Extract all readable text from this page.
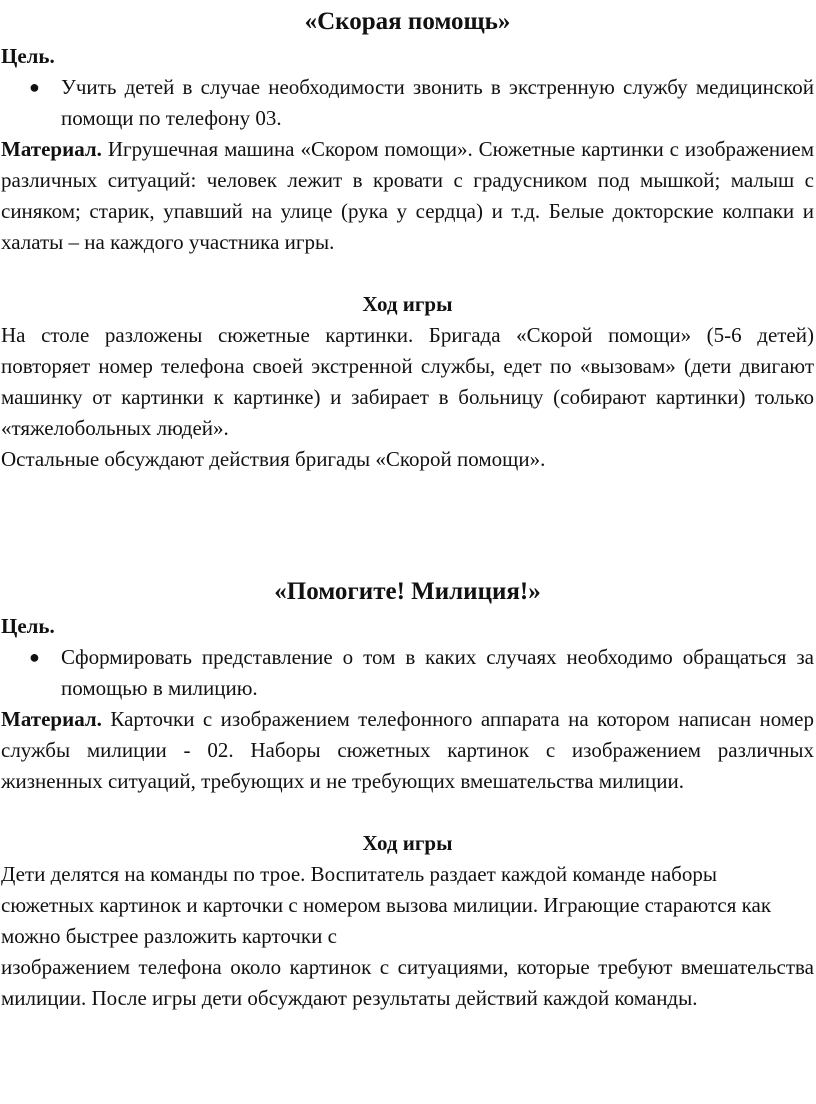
«Скорая помощь»
Цель.
● Учить детей в случае необходимости звонить в экстренную службу медицинской помощи по телефону 03.

Материал. Игрушечная машина «Скором помощи». Сюжетные картинки с изображением различных ситуаций: человек лежит в кровати с градусником под мышкой; малыш с синяком; старик, упавший на улице (рука у сердца) и т.д. Белые докторские колпаки и халаты – на каждого участника игры.

Ход игры

На столе разложены сюжетные картинки. Бригада «Скорой помощи» (5-6 детей) повторяет номер телефона своей экстренной службы, едет по «вызовам» (дети двигают машинку от картинки к картинке) и забирает в больницу (собирают картинки) только «тяжелобольных людей».

Остальные обсуждают действия бригады «Скорой помощи».

«Помогите! Милиция!»
Цель.
● Сформировать представление о том в каких случаях необходимо обращаться за помощью в милицию.

Материал. Карточки с изображением телефонного аппарата на котором написан номер службы милиции - 02. Наборы сюжетных картинок с изображением различных жизненных ситуаций, требующих и не требующих вмешательства милиции.

Ход игры

Дети делятся на команды по трое. Воспитатель раздает каждой команде наборы сюжетных картинок и карточки с номером вызова милиции. Играющие стараются как можно быстрее разложить карточки с

изображением телефона около картинок с ситуациями, которые требуют вмешательства милиции. После игры дети обсуждают результаты действий каждой команды.
